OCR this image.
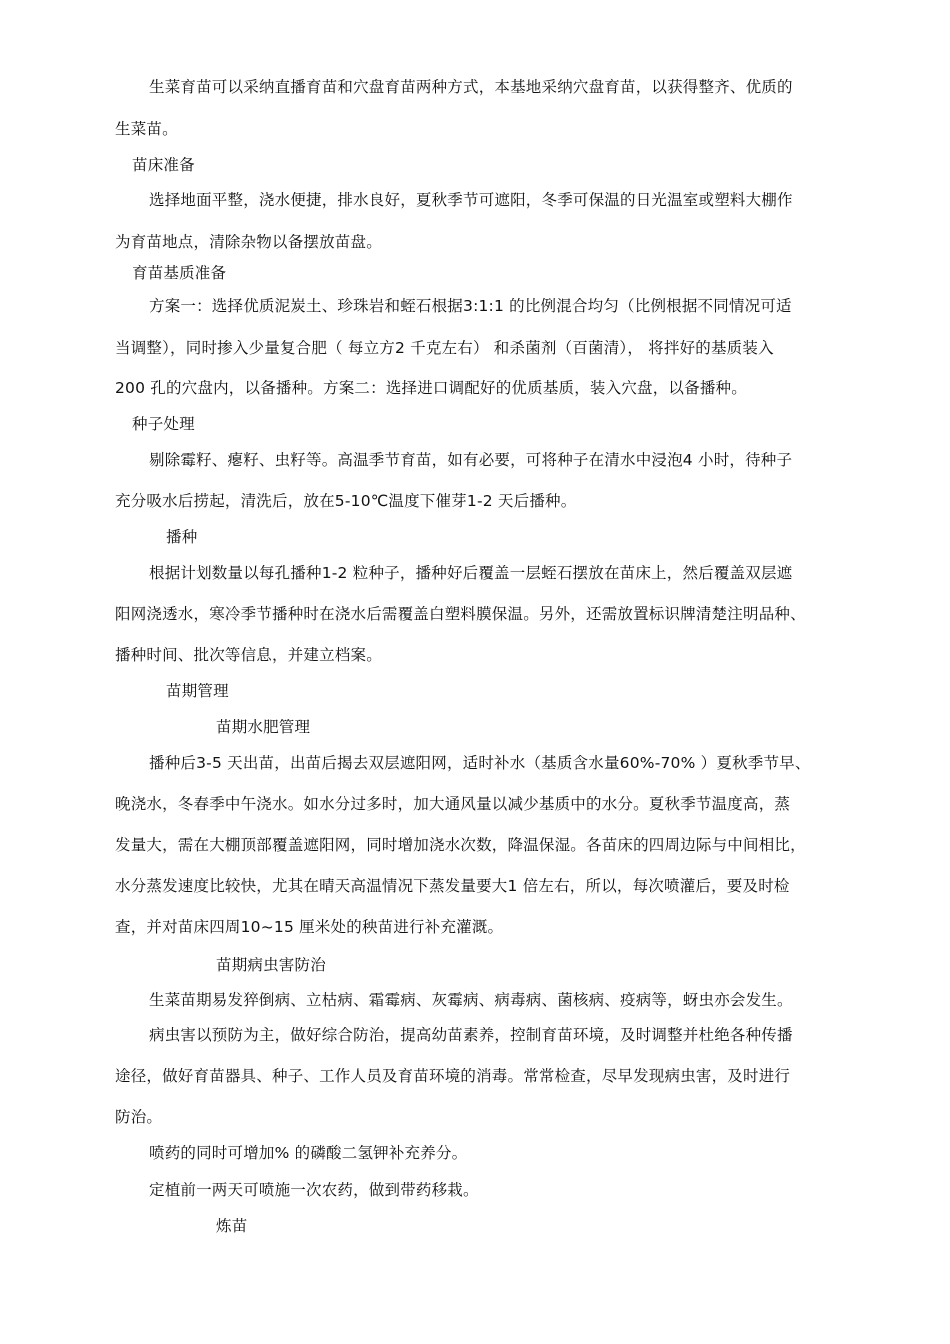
生菜育苗可以采纳直播育苗和穴盘育苗两种方式，本基地采纳穴盘育苗，以获得整齐、优质的
生菜苗。
苗床准备
选择地面平整，浇水便捷，排水良好，夏秋季节可遮阳，冬季可保温的日光温室或塑料大棚作
为育苗地点，清除杂物以备摆放苗盘。
育苗基质准备
方案一：选择优质泥炭土、珍珠岩和蛭石根据3:1:1 的比例混合均匀（比例根据不同情况可适
当调整），同时掺入少量复合肥（ 每立方2 千克左右） 和杀菌剂（百菌清）， 将拌好的基质装入
200 孔的穴盘内，以备播种。方案二：选择进口调配好的优质基质，装入穴盘，以备播种。
种子处理
剔除霉籽、瘪籽、虫籽等。高温季节育苗，如有必要，可将种子在清水中浸泡4 小时，待种子
充分吸水后捞起，清洗后，放在5-10℃温度下催芽1-2 天后播种。
播种
根据计划数量以每孔播种1-2 粒种子，播种好后覆盖一层蛭石摆放在苗床上，然后覆盖双层遮
阳网浇透水，寒冷季节播种时在浇水后需覆盖白塑料膜保温。另外，还需放置标识牌清楚注明品种、
播种时间、批次等信息，并建立档案。
苗期管理
苗期水肥管理
播种后3-5 天出苗，出苗后揭去双层遮阳网，适时补水（基质含水量60%-70% ）夏秋季节早、
晚浇水，冬春季中午浇水。如水分过多时，加大通风量以减少基质中的水分。夏秋季节温度高，蒸
发量大，需在大棚顶部覆盖遮阳网，同时增加浇水次数，降温保湿。各苗床的四周边际与中间相比，
水分蒸发速度比较快，尤其在晴天高温情况下蒸发量要大1 倍左右，所以，每次喷灌后，要及时检
查，并对苗床四周10~15 厘米处的秧苗进行补充灌溉。
苗期病虫害防治
生菜苗期易发猝倒病、立枯病、霜霉病、灰霉病、病毒病、菌核病、疫病等，蚜虫亦会发生。
病虫害以预防为主，做好综合防治，提高幼苗素养，控制育苗环境，及时调整并杜绝各种传播
途径，做好育苗器具、种子、工作人员及育苗环境的消毒。常常检查，尽早发现病虫害，及时进行
防治。
喷药的同时可增加% 的磷酸二氢钾补充养分。
定植前一两天可喷施一次农药，做到带药移栽。
炼苗
